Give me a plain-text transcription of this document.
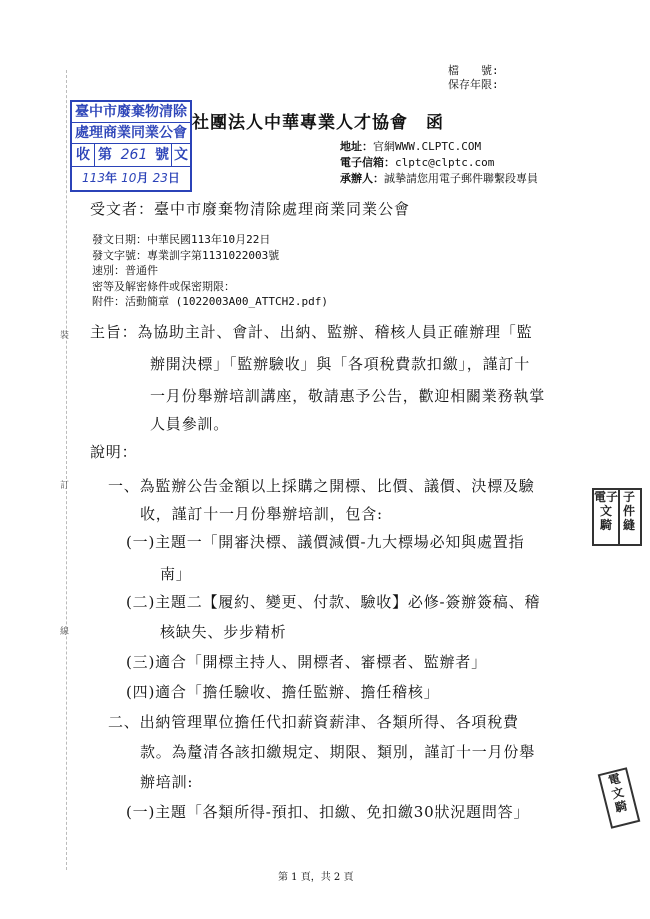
裝
訂
線
檔　　號:
保存年限:
臺中市廢棄物清除
處理商業同業公會
收 第 261 號 文
113年 10月 23日
社團法人中華專業人才協會　函
地址：官網WWW.CLPTC.COM
電子信箱：clptc@clptc.com
承辦人：誠摯請您用電子郵件聯繫段專員
受文者：臺中市廢棄物清除處理商業同業公會
發文日期：中華民國113年10月22日
發文字號：專業訓字第1131022003號
速別：普通件
密等及解密條件或保密期限：
附件：活動簡章 (1022003A00_ATTCH2.pdf)
主旨：為協助主計、會計、出納、監辦、稽核人員正確辦理「監
辦開決標」「監辦驗收」與「各項稅費款扣繳」，謹訂十
一月份舉辦培訓講座，敬請惠予公告，歡迎相關業務執掌
人員參訓。
說明：
一、為監辦公告金額以上採購之開標、比價、議價、決標及驗
收，謹訂十一月份舉辦培訓，包含:
(一)主題一「開審決標、議價減價-九大標場必知與處置指
南」
(二)主題二【履約、變更、付款、驗收】必修-簽辦簽稿、稽
核缺失、步步精析
(三)適合「開標主持人、開標者、審標者、監辦者」
(四)適合「擔任驗收、擔任監辦、擔任稽核」
二、出納管理單位擔任代扣薪資薪津、各類所得、各項稅費
款。為釐清各該扣繳規定、期限、類別，謹訂十一月份舉
辦培訓:
(一)主題「各類所得-預扣、扣繳、免扣繳30狀況題問答」
電子
文
騎
子
件
縫
電
文
騎
第 1 頁，共 2 頁
